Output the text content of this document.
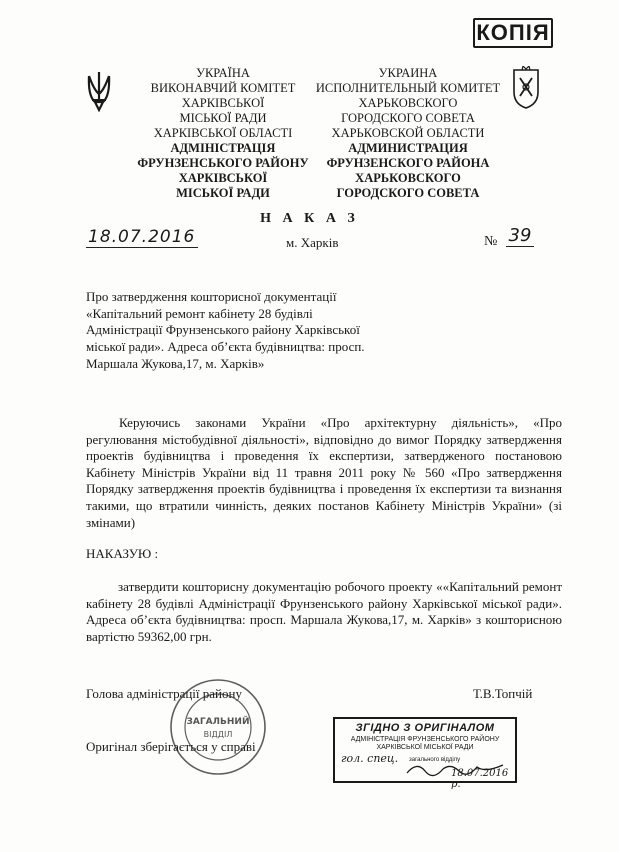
КОПІЯ
УКРАЇНА
ВИКОНАВЧИЙ КОМІТЕТ
ХАРКІВСЬКОЇ
МІСЬКОЇ РАДИ
ХАРКІВСЬКОЇ ОБЛАСТІ
АДМІНІСТРАЦІЯ
ФРУНЗЕНСЬКОГО РАЙОНУ
ХАРКІВСЬКОЇ
МІСЬКОЇ РАДИ
УКРАИНА
ИСПОЛНИТЕЛЬНЫЙ КОМИТЕТ
ХАРЬКОВСКОГО
ГОРОДСКОГО СОВЕТА
ХАРЬКОВСКОЙ ОБЛАСТИ
АДМИНИСТРАЦИЯ
ФРУНЗЕНСКОГО РАЙОНА
ХАРЬКОВСКОГО
ГОРОДСКОГО СОВЕТА
Н А К А З
18.07.2016	м. Харків	№ 39
Про затвердження кошторисної документації «Капітальний ремонт кабінету 28 будівлі Адміністрації Фрунзенського району Харківської міської ради». Адреса об’єкта будівництва: просп. Маршала Жукова,17, м. Харків»
Керуючись законами України «Про архітектурну діяльність», «Про регулювання містобудівної діяльності», відповідно до вимог Порядку затвердження проектів будівництва і проведення їх експертизи, затвердженого постановою Кабінету Міністрів України від 11 травня 2011 року № 560 «Про затвердження Порядку затвердження проектів будівництва і проведення їх експертизи та визнання такими, що втратили чинність, деяких постанов Кабінету Міністрів України» (зі змінами)
НАКАЗУЮ :
затвердити кошторисну документацію робочого проекту ««Капітальний ремонт кабінету 28 будівлі Адміністрації Фрунзенського району Харківської міської ради». Адреса об’єкта будівництва: просп. Маршала Жукова,17, м. Харків» з кошторисною вартістю 59362,00 грн.
Голова адміністрації району	Т.В.Топчій
Оригінал зберігається у справі
ЗАГАЛЬНИЙ
ВІДДІЛ
ЗГІДНО З ОРИГІНАЛОМ
АДМІНІСТРАЦІЯ ФРУНЗЕНСЬКОГО РАЙОНУ
ХАРКІВСЬКОЇ МІСЬКОЇ РАДИ
гол. спец. загального відділу
18.07.2016 р.
